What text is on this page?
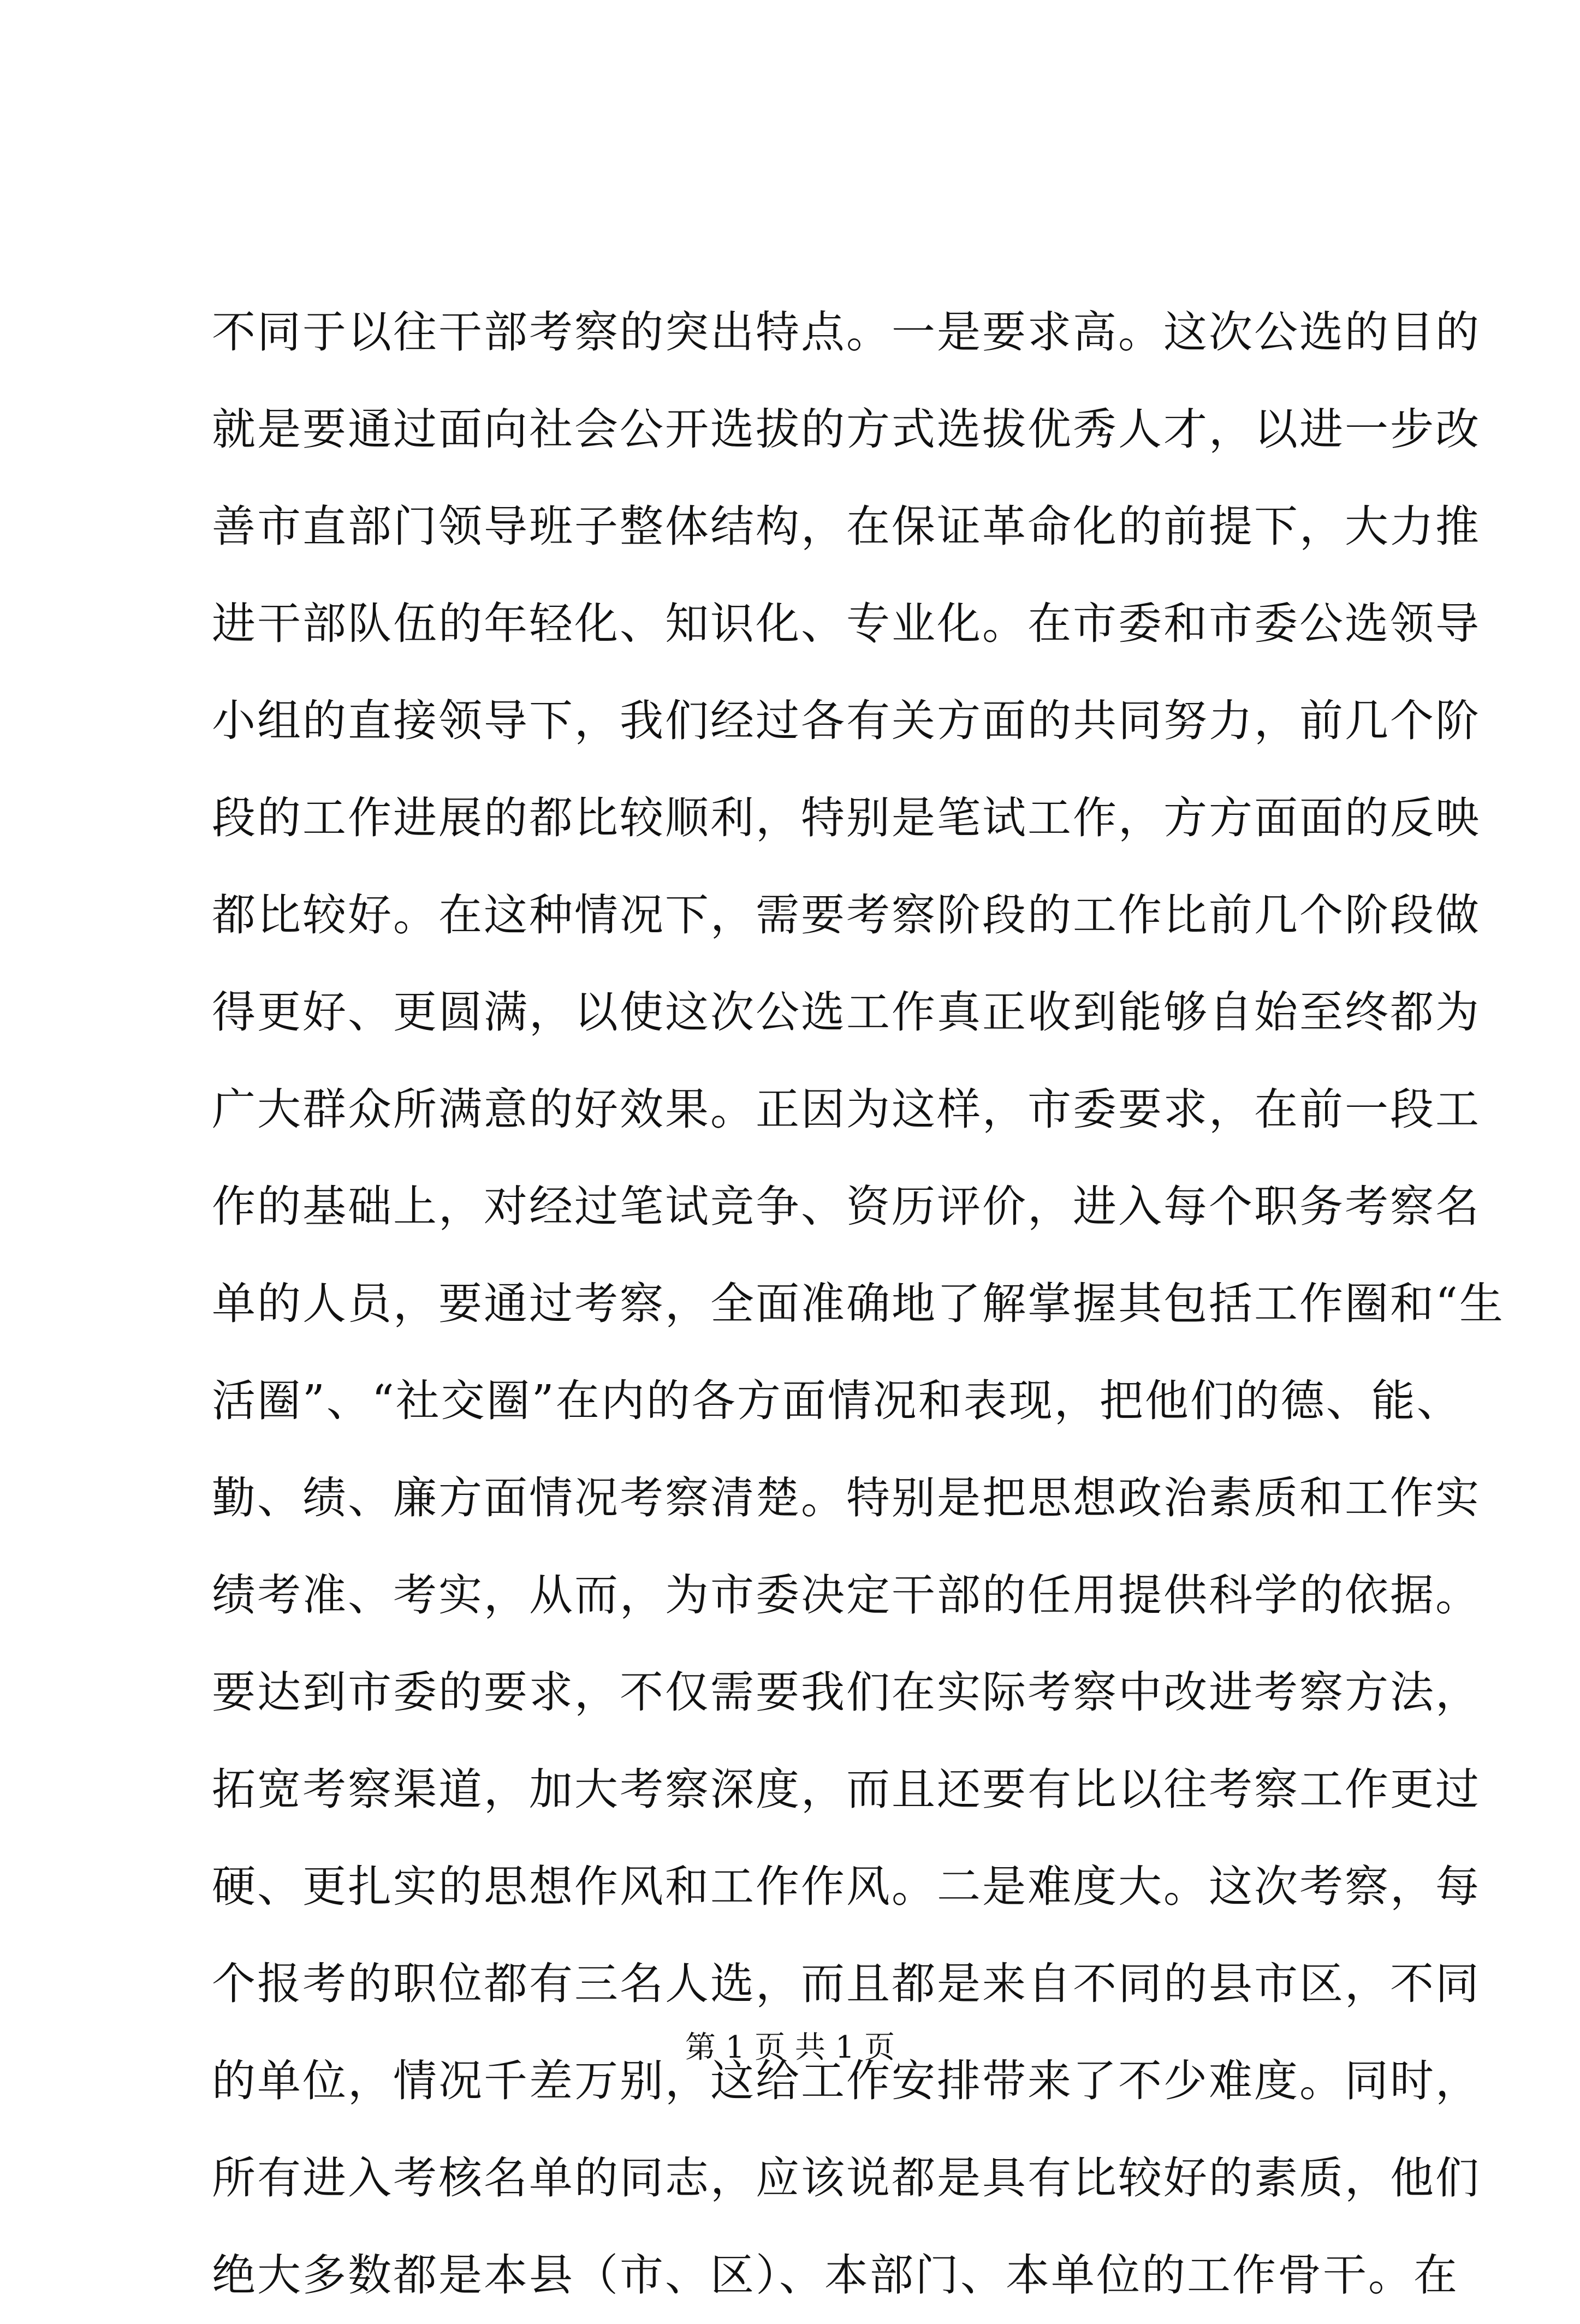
不同于以往干部考察的突出特点。一是要求高。这次公选的目的
就是要通过面向社会公开选拔的方式选拔优秀人才，以进一步改
善市直部门领导班子整体结构，在保证革命化的前提下，大力推
进干部队伍的年轻化、知识化、专业化。在市委和市委公选领导
小组的直接领导下，我们经过各有关方面的共同努力，前几个阶
段的工作进展的都比较顺利，特别是笔试工作，方方面面的反映
都比较好。在这种情况下，需要考察阶段的工作比前几个阶段做
得更好、更圆满，以使这次公选工作真正收到能够自始至终都为
广大群众所满意的好效果。正因为这样，市委要求，在前一段工
作的基础上，对经过笔试竞争、资历评价，进入每个职务考察名
单的人员，要通过考察，全面准确地了解掌握其包括工作圈和“生
活圈”、“社交圈”在内的各方面情况和表现，把他们的德、能、
勤、绩、廉方面情况考察清楚。特别是把思想政治素质和工作实
绩考准、考实，从而，为市委决定干部的任用提供科学的依据。
要达到市委的要求，不仅需要我们在实际考察中改进考察方法，
拓宽考察渠道，加大考察深度，而且还要有比以往考察工作更过
硬、更扎实的思想作风和工作作风。二是难度大。这次考察，每
个报考的职位都有三名人选，而且都是来自不同的县市区，不同
的单位，情况千差万别，这给工作安排带来了不少难度。同时，
所有进入考核名单的同志，应该说都是具有比较好的素质，他们
绝大多数都是本县（市、区）、本部门、本单位的工作骨干。在
第 1 页 共 1 页
